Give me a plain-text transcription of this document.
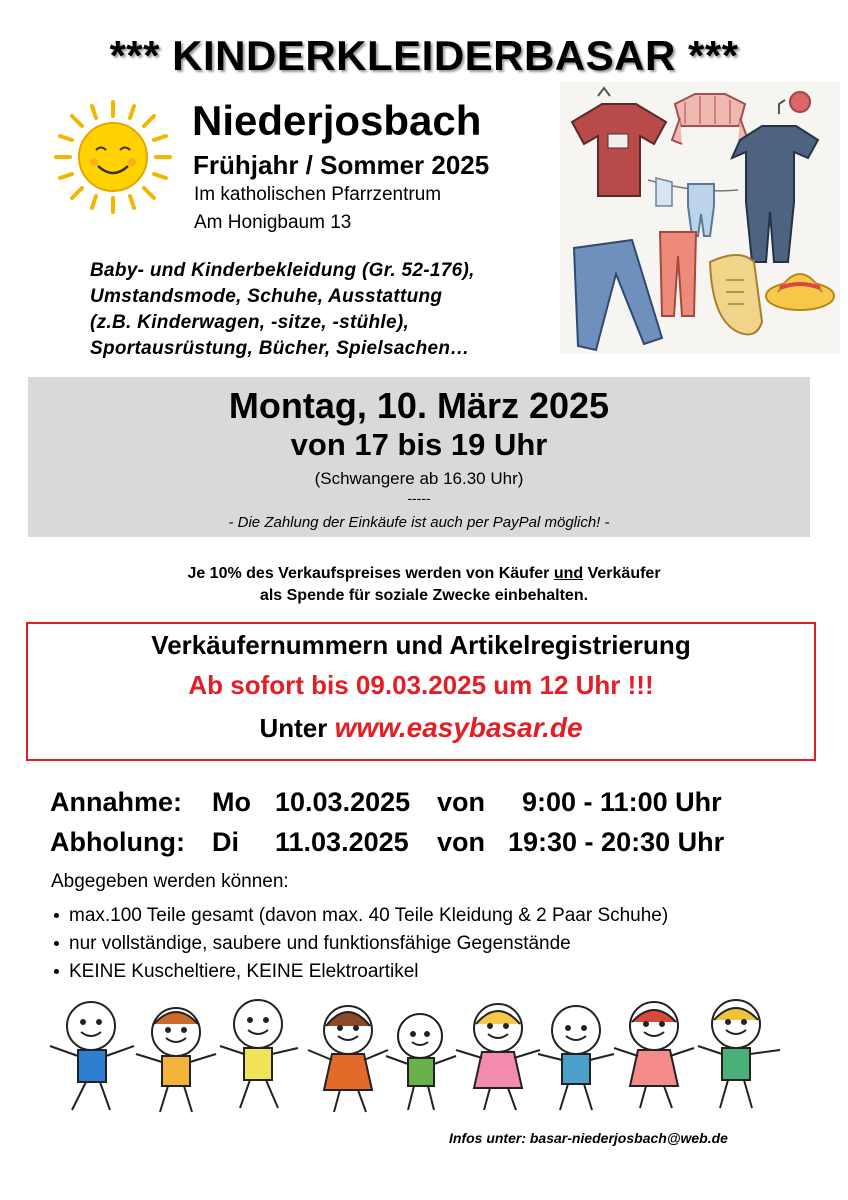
*** KINDERKLEIDERBASAR ***
Niederjosbach
Frühjahr / Sommer 2025
Im katholischen Pfarrzentrum
Am Honigbaum 13
Baby- und Kinderbekleidung (Gr. 52-176),
Umstandsmode, Schuhe, Ausstattung
(z.B. Kinderwagen, -sitze, -stühle),
Sportausrüstung, Bücher, Spielsachen…
Montag, 10. März 2025
von 17 bis 19 Uhr
(Schwangere ab 16.30 Uhr)
-----
- Die Zahlung der Einkäufe ist auch per PayPal möglich! -
Je 10% des Verkaufspreises werden von Käufer und Verkäufer
als Spende für soziale Zwecke einbehalten.
Verkäufernummern und Artikelregistrierung
Ab sofort bis 09.03.2025 um 12 Uhr !!!
Unter www.easybasar.de
Annahme: Mo 10.03.2025 von 9:00 - 11:00 Uhr
Abholung: Di 11.03.2025 von 19:30 - 20:30 Uhr
Abgegeben werden können:
max.100 Teile gesamt (davon max. 40 Teile Kleidung & 2 Paar Schuhe)
nur vollständige, saubere und funktionsfähige Gegenstände
KEINE Kuscheltiere, KEINE Elektroartikel
Infos unter: basar-niederjosbach@web.de
